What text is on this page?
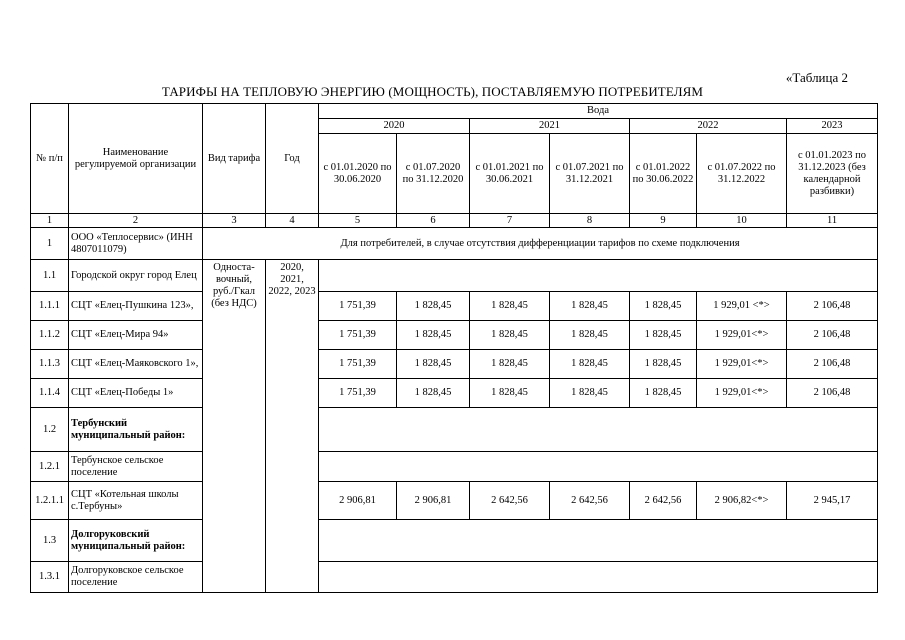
«Таблица 2
ТАРИФЫ НА ТЕПЛОВУЮ ЭНЕРГИЮ (МОЩНОСТЬ), ПОСТАВЛЯЕМУЮ ПОТРЕБИТЕЛЯМ
№ п/п	Наименование регулируемой организации	Вид тарифа	Год	Вода						
				2020		2021		2022		2023
				с 01.01.2020 по 30.06.2020	с 01.07.2020 по 31.12.2020	с 01.01.2021 по 30.06.2021	с 01.07.2021 по 31.12.2021	с 01.01.2022 по 30.06.2022	с 01.07.2022 по 31.12.2022	с 01.01.2023 по 31.12.2023 (без календарной разбивки)
1	2	3	4	5	6	7	8	9	10	11
1	ООО «Теплосервис» (ИНН 4807011079)	Для потребителей, в случае отсутствия дифференциации тарифов по схеме подключения								
1.1	Городской округ город Елец	Односта-вочный, руб./Гкал (без НДС)	2020, 2021, 2022, 2023							
1.1.1	СЦТ «Елец-Пушкина 123»,			1 751,39	1 828,45	1 828,45	1 828,45	1 828,45	1 929,01 <*>	2 106,48
1.1.2	СЦТ «Елец-Мира 94»			1 751,39	1 828,45	1 828,45	1 828,45	1 828,45	1 929,01<*>	2 106,48
1.1.3	СЦТ «Елец-Маяковского 1»,			1 751,39	1 828,45	1 828,45	1 828,45	1 828,45	1 929,01<*>	2 106,48
1.1.4	СЦТ «Елец-Победы 1»			1 751,39	1 828,45	1 828,45	1 828,45	1 828,45	1 929,01<*>	2 106,48
1.2	Тербунский муниципальный район:									
1.2.1	Тербунское сельское поселение									
1.2.1.1	СЦТ «Котельная школы с.Тербуны»			2 906,81	2 906,81	2 642,56	2 642,56	2 642,56	2 906,82<*>	2 945,17
1.3	Долгоруковский муниципальный район:									
1.3.1	Долгоруковское сельское поселение									
